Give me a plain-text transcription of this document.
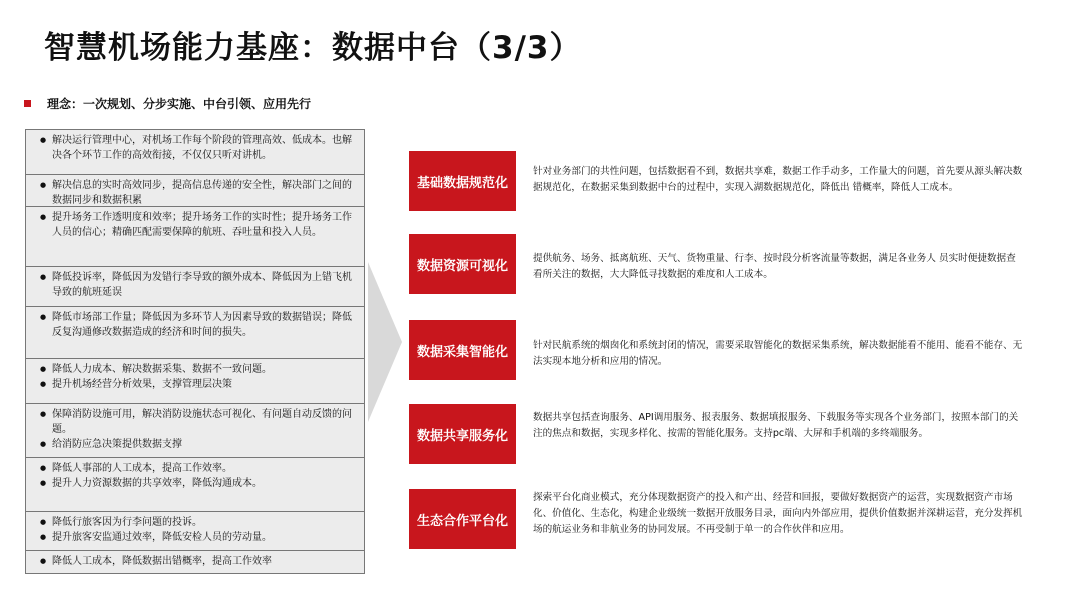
智慧机场能力基座：数据中台（3/3）
理念：一次规划、分步实施、中台引领、应用先行
● 解决运行管理中心，对机场工作每个阶段的管理高效、低成本。也解决各个环节工作的高效衔接，不仅仅只听对讲机。
● 解决信息的实时高效同步，提高信息传递的安全性，解决部门之间的数据同步和数据积累
● 提升场务工作透明度和效率；提升场务工作的实时性；提升场务工作人员的信心；精确匹配需要保障的航班、吞吐量和投入人员。
● 降低投诉率，降低因为发错行李导致的额外成本、降低因为上错飞机导致的航班延误
● 降低市场部工作量；降低因为多环节人为因素导致的数据错误；降低反复沟通修改数据造成的经济和时间的损失。
● 降低人力成本、解决数据采集、数据不一致问题。
● 提升机场经营分析效果，支撑管理层决策
● 保障消防设施可用，解决消防设施状态可视化、有问题自动反馈的问题。
● 给消防应急决策提供数据支撑
● 降低人事部的人工成本，提高工作效率。
● 提升人力资源数据的共享效率，降低沟通成本。
● 降低行旅客因为行李问题的投诉。
● 提升旅客安监通过效率，降低安检人员的劳动量。
● 降低人工成本，降低数据出错概率，提高工作效率
基础数据规范化
针对业务部门的共性问题，包括数据看不到，数据共享难，数据工作手动多，工作量大的问题，首先要从源头解决数据规范化，在数据采集到数据中台的过程中，实现入湖数据规范化，降低出 错概率，降低人工成本。
数据资源可视化	提供航务、场务、抵离航班、天气、货物重量、行李、按时段分析客流量等数据，满足各业务人 员实时便捷数据查看所关注的数据，大大降低寻找数据的难度和人工成本。
数据采集智能化	针对民航系统的烟囱化和系统封闭的情况，需要采取智能化的数据采集系统，解决数据能看不能用、能看不能存、无法实现本地分析和应用的情况。
数据共享服务化
数据共享包括查询服务、API调用服务、报表服务、数据填报服务、下载服务等实现各个业务部门，按照本部门的关注的焦点和数据，实现多样化、按需的智能化服务。支持pc端、大屏和手机端的多终端服务。
生态合作平台化
探索平台化商业模式，充分体现数据资产的投入和产出、经营和回报，要做好数据资产的运营，实现数据资产市场化、价值化、生态化，构建企业级统一数据开放服务目录，面向内外部应用，提供价值数据并深耕运营，充分发挥机场的航运业务和非航业务的协同发展。不再受制于单一的合作伙伴和应用。
